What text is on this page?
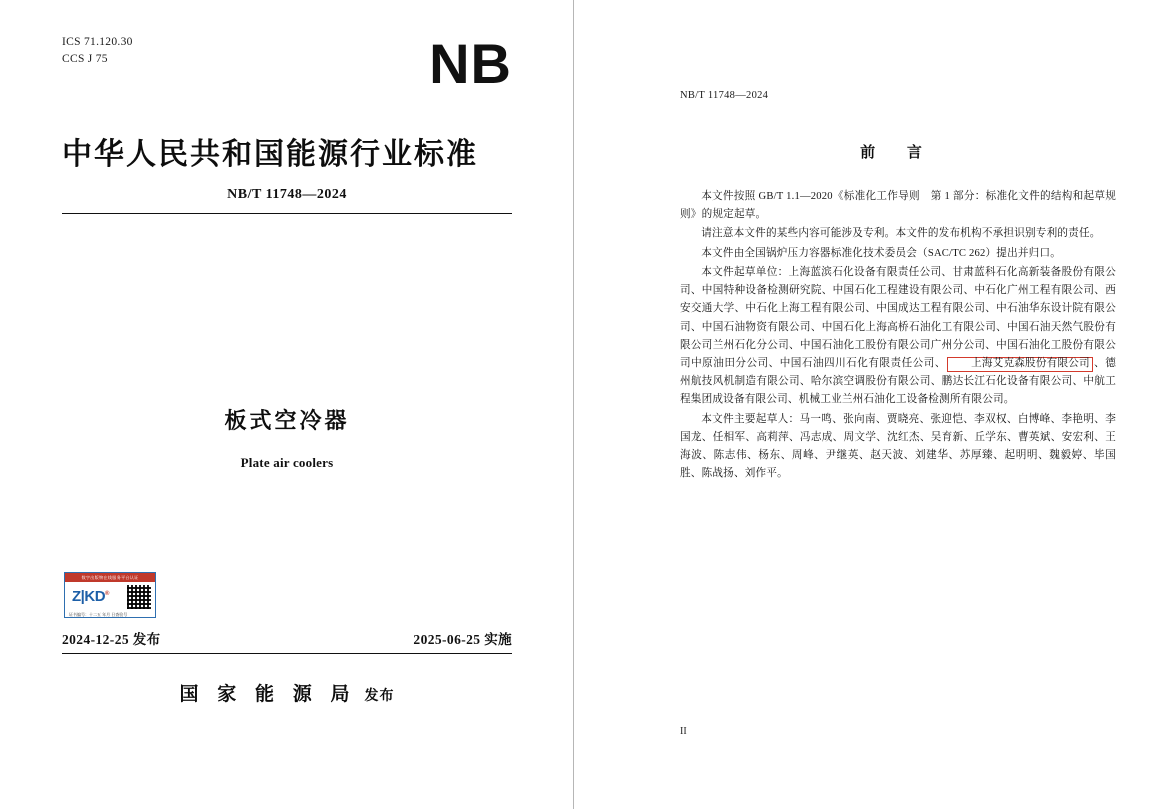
ICS 71.120.30
CCS J 75	NB
中华人民共和国能源行业标准
NB/T 11748—2024
板式空冷器
Plate air coolers
数字出版物在线服务平台认证
Z|KD®
证书编号：十二五 年月 日查验号
2024-12-25 发布	2025-06-25 实施
国 家 能 源 局 发布
NB/T 11748—2024
前 言

本文件按照 GB/T 1.1—2020《标准化工作导则　第 1 部分：标准化文件的结构和起草规则》的规定起草。

请注意本文件的某些内容可能涉及专利。本文件的发布机构不承担识别专利的责任。

本文件由全国锅炉压力容器标准化技术委员会（SAC/TC 262）提出并归口。

本文件起草单位：上海蓝滨石化设备有限责任公司、甘肃蓝科石化高新装备股份有限公司、中国特种设备检测研究院、中国石化工程建设有限公司、中石化广州工程有限公司、西安交通大学、中石化上海工程有限公司、中国成达工程有限公司、中石油华东设计院有限公司、中国石油物资有限公司、中国石化上海高桥石油化工有限公司、中国石油天然气股份有限公司兰州石化分公司、中国石油化工股份有限公司广州分公司、中国石油化工股份有限公司中原油田分公司、中国石油四川石化有限责任公司、 上海艾克森股份有限公司 、德州航技风机制造有限公司、哈尔滨空调股份有限公司、鹏达长江石化设备有限公司、中航工程集团成设备有限公司、机械工业兰州石油化工设备检测所有限公司。

本文件主要起草人：马一鸣、张向南、贾晓亮、张迎恺、李双权、白博峰、李艳明、李国龙、任相军、高莉萍、冯志成、周文学、沈红杰、吴育新、丘学东、曹英斌、安宏利、王海波、陈志伟、杨东、周峰、尹继英、赵天波、刘建华、苏厚臻、起明明、魏毅婷、毕国胜、陈战扬、刘作平。

II
